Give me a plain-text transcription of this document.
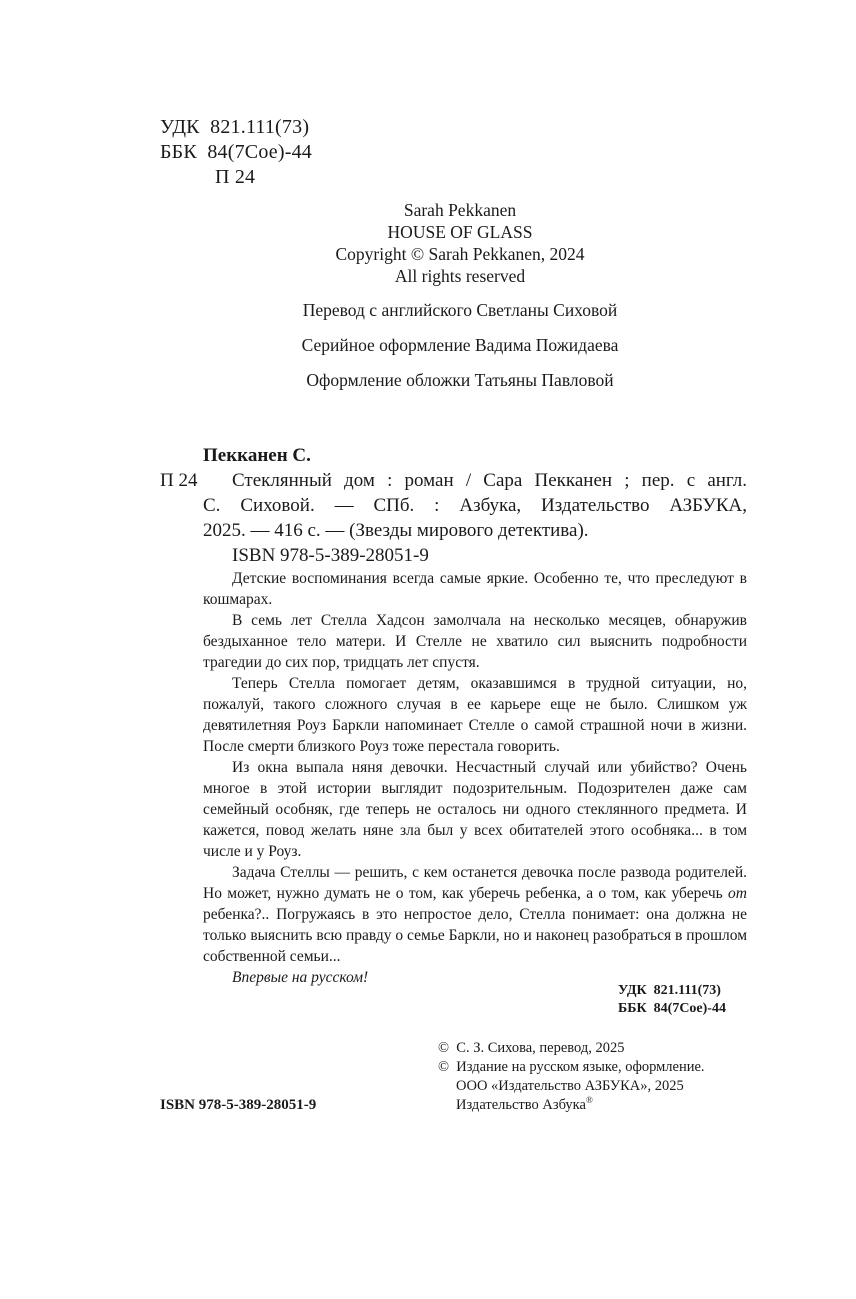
УДК 821.111(73)
ББК 84(7Сое)-44
П 24
Sarah Pekkanen
HOUSE OF GLASS
Copyright © Sarah Pekkanen, 2024
All rights reserved
Перевод с английского Светланы Сиховой
Серийное оформление Вадима Пожидаева
Оформление обложки Татьяны Павловой
Пекканен С.
П 24	Стеклянный дом : роман / Сара Пекканен ; пер. с англ.
С. Сиховой. — СПб. : Азбука, Издательство АЗБУКА,
2025. — 416 с. — (Звезды мирового детектива).
ISBN 978-5-389-28051-9

Детские воспоминания всегда самые яркие. Особенно те, что преследуют в кошмарах.

В семь лет Стелла Хадсон замолчала на несколько месяцев, обнаружив бездыханное тело матери. И Стелле не хватило сил выяснить подробности трагедии до сих пор, тридцать лет спустя.

Теперь Стелла помогает детям, оказавшимся в трудной ситуации, но, пожалуй, такого сложного случая в ее карьере еще не было. Слишком уж девятилетняя Роуз Баркли напоминает Стелле о самой страшной ночи в жизни. После смерти близкого Роуз тоже перестала говорить.

Из окна выпала няня девочки. Несчастный случай или убийство? Очень многое в этой истории выглядит подозрительным. Подозрителен даже сам семейный особняк, где теперь не осталось ни одного стеклянного предмета. И кажется, повод желать няне зла был у всех обитателей этого особняка... в том числе и у Роуз.

Задача Стеллы — решить, с кем останется девочка после развода родителей. Но может, нужно думать не о том, как уберечь ребенка, а о том, как уберечь от ребенка?.. Погружаясь в это непростое дело, Стелла понимает: она должна не только выяснить всю правду о семье Баркли, но и наконец разобраться в прошлом собственной семьи...

Впервые на русском!

УДК  821.111(73)
ББК  84(7Сое)-44
ISBN 978-5-389-28051-9
©  С. З. Сихова, перевод, 2025
©  Издание на русском языке, оформление.
ООО «Издательство АЗБУКА», 2025
Издательство Азбука®
